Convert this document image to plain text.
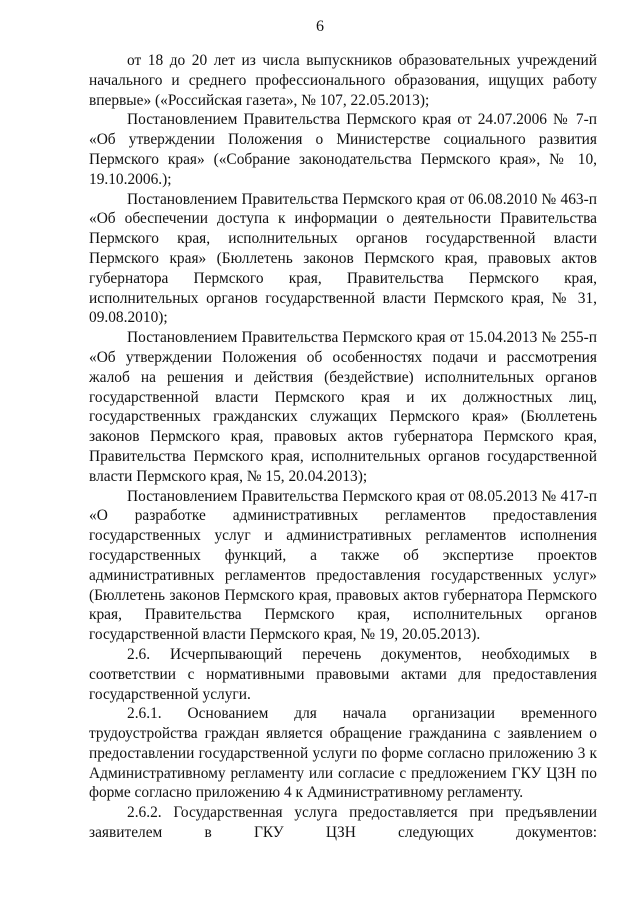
6

от 18 до 20 лет из числа выпускников образовательных учреждений начального и среднего профессионального образования, ищущих работу впервые» («Российская газета», № 107, 22.05.2013);

Постановлением Правительства Пермского края от 24.07.2006 № 7-п «Об утверждении Положения о Министерстве социального развития Пермского края» («Собрание законодательства Пермского края», № 10, 19.10.2006.);

Постановлением Правительства Пермского края от 06.08.2010 № 463-п «Об обеспечении доступа к информации о деятельности Правительства Пермского края, исполнительных органов государственной власти Пермского края» (Бюллетень законов Пермского края, правовых актов губернатора Пермского края, Правительства Пермского края, исполнительных органов государственной власти Пермского края, № 31, 09.08.2010);

Постановлением Правительства Пермского края от 15.04.2013 № 255-п «Об утверждении Положения об особенностях подачи и рассмотрения жалоб на решения и действия (бездействие) исполнительных органов государственной власти Пермского края и их должностных лиц, государственных гражданских служащих Пермского края» (Бюллетень законов Пермского края, правовых актов губернатора Пермского края, Правительства Пермского края, исполнительных органов государственной власти Пермского края, № 15, 20.04.2013);

Постановлением Правительства Пермского края от 08.05.2013 № 417-п «О разработке административных регламентов предоставления государственных услуг и административных регламентов исполнения государственных функций, а также об экспертизе проектов административных регламентов предоставления государственных услуг» (Бюллетень законов Пермского края, правовых актов губернатора Пермского края, Правительства Пермского края, исполнительных органов государственной власти Пермского края, № 19, 20.05.2013).

2.6. Исчерпывающий перечень документов, необходимых в соответствии с нормативными правовыми актами для предоставления государственной услуги.

2.6.1. Основанием для начала организации временного трудоустройства граждан является обращение гражданина с заявлением о предоставлении государственной услуги по форме согласно приложению 3 к Административному регламенту или согласие с предложением ГКУ ЦЗН по форме согласно приложению 4 к Административному регламенту.

2.6.2. Государственная услуга предоставляется при предъявлении заявителем в ГКУ ЦЗН следующих документов:
